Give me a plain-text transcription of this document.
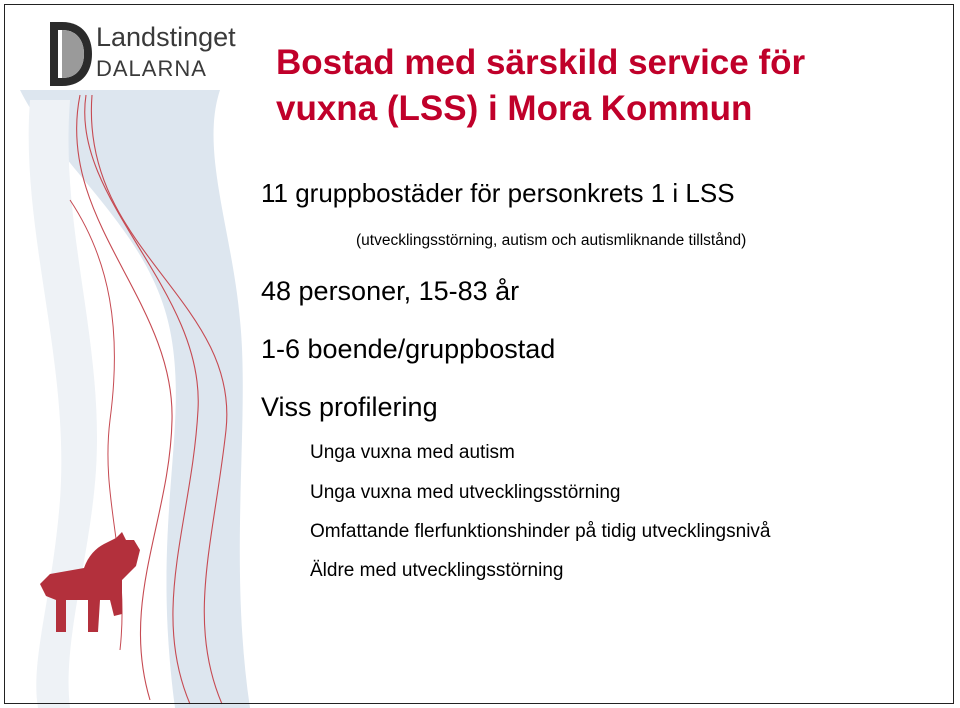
Landstinget
DALARNA Bostad med särskild service för vuxna (LSS) i Mora Kommun

11 gruppbostäder för personkrets 1 i LSS

(utvecklingsstörning, autism och autismliknande tillstånd)

48 personer, 15-83 år

1-6 boende/gruppbostad

Viss profilering

Unga vuxna med autism

Unga vuxna med utvecklingsstörning

Omfattande flerfunktionshinder på tidig utvecklingsnivå

Äldre med utvecklingsstörning
